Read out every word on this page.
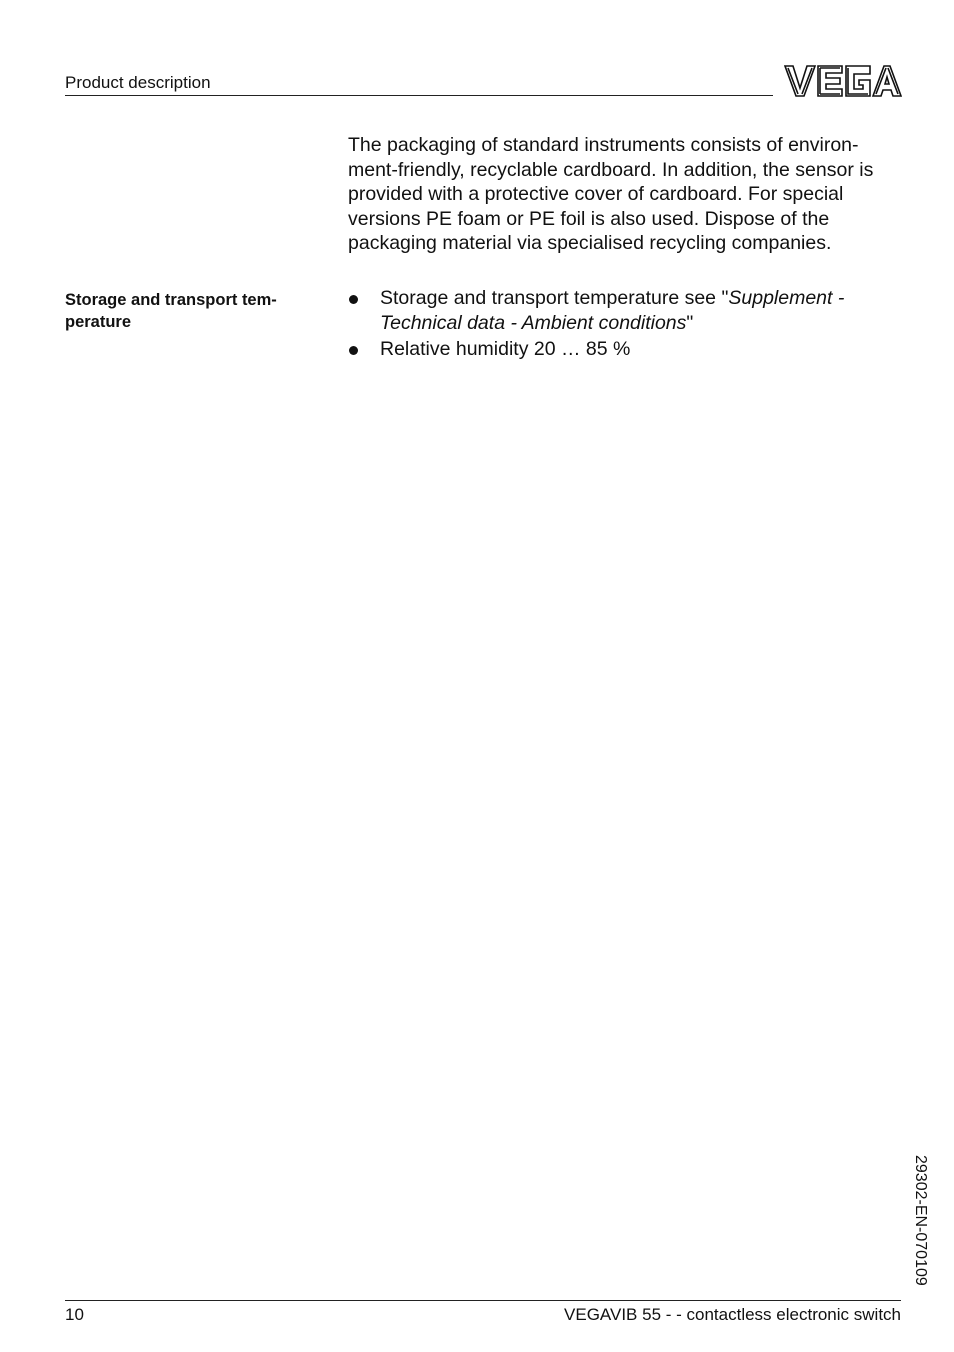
Product description

The packaging of standard instruments consists of environ- ment-friendly, recyclable cardboard. In addition, the sensor is provided with a protective cover of cardboard. For special versions PE foam or PE foil is also used. Dispose of the packaging material via specialised recycling companies.

Storage and transport tem- perature

Storage and transport temperature see "Supplement - Technical data - Ambient conditions"
Relative humidity 20 … 85 %
29302-EN-070109
10	VEGAVIB 55 - - contactless electronic switch
